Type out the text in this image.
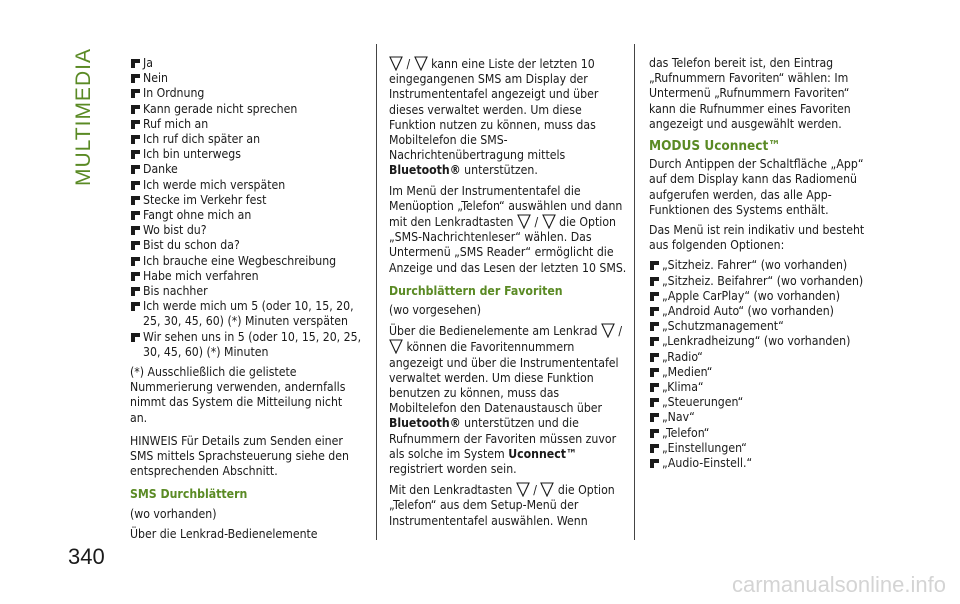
MULTIMEDIA
340
Ja
Nein
In Ordnung
Kann gerade nicht sprechen
Ruf mich an
Ich ruf dich später an
Ich bin unterwegs
Danke
Ich werde mich verspäten
Stecke im Verkehr fest
Fangt ohne mich an
Wo bist du?
Bist du schon da?
Ich brauche eine Wegbeschreibung
Habe mich verfahren
Bis nachher
Ich werde mich um 5 (oder 10, 15, 20, 25, 30, 45, 60) (*) Minuten verspäten
Wir sehen uns in 5 (oder 10, 15, 20, 25, 30, 45, 60) (*) Minuten

(*) Ausschließlich die gelistete Nummerierung verwenden, andernfalls nimmt das System die Mitteilung nicht an.

HINWEIS Für Details zum Senden einer SMS mittels Sprachsteuerung siehe den entsprechenden Abschnitt.

SMS Durchblättern

(wo vorhanden)

Über die Lenkrad-Bedienelemente

/ kann eine Liste der letzten 10 eingegangenen SMS am Display der Instrumententafel angezeigt und über dieses verwaltet werden. Um diese Funktion nutzen zu können, muss das Mobiltelefon die SMS-Nachrichtenübertragung mittels Bluetooth® unterstützen.

Im Menü der Instrumententafel die Menüoption „Telefon“ auswählen und dann mit den Lenkradtasten / die Option „SMS-Nachrichtenleser“ wählen. Das Untermenü „SMS Reader“ ermöglicht die Anzeige und das Lesen der letzten 10 SMS.

Durchblättern der Favoriten

(wo vorgesehen)

Über die Bedienelemente am Lenkrad /  können die Favoritennummern angezeigt und über die Instrumententafel verwaltet werden. Um diese Funktion benutzen zu können, muss das Mobiltelefon den Datenaustausch über Bluetooth® unterstützen und die Rufnummern der Favoriten müssen zuvor als solche im System Uconnect™ registriert worden sein.

Mit den Lenkradtasten / die Option „Telefon“ aus dem Setup-Menü der Instrumententafel auswählen. Wenn

das Telefon bereit ist, den Eintrag „Rufnummern Favoriten“ wählen: Im Untermenü „Rufnummern Favoriten“ kann die Rufnummer eines Favoriten angezeigt und ausgewählt werden.

MODUS Uconnect™

Durch Antippen der Schaltfläche „App“ auf dem Display kann das Radiomenü aufgerufen werden, das alle App-Funktionen des Systems enthält.

Das Menü ist rein indikativ und besteht aus folgenden Optionen:

„Sitzheiz. Fahrer“ (wo vorhanden)
„Sitzheiz. Beifahrer“ (wo vorhanden)
„Apple CarPlay“ (wo vorhanden)
„Android Auto“ (wo vorhanden)
„Schutzmanagement“
„Lenkradheizung“ (wo vorhanden)
„Radio“
„Medien“
„Klima“
„Steuerungen“
„Nav“
„Telefon“
„Einstellungen“
„Audio-Einstell.“
carmanualsonline.info
